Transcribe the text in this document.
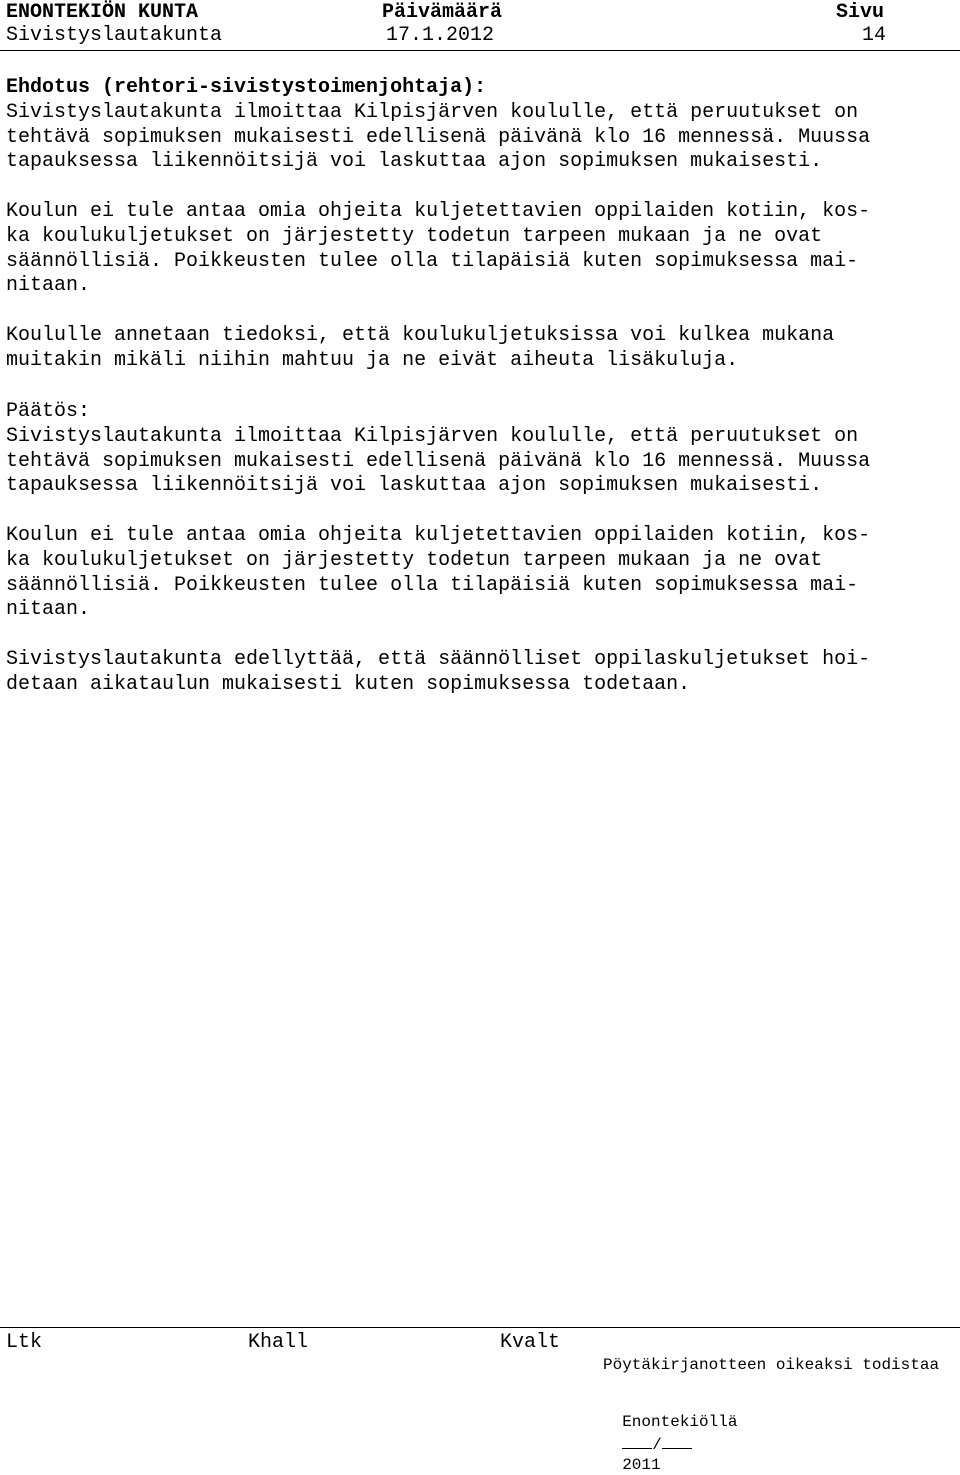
ENONTEKIÖN KUNTA	Päivämäärä	Sivu
Sivistyslautakunta	17.1.2012	14

Ehdotus (rehtori-sivistystoimenjohtaja):

Sivistyslautakunta ilmoittaa Kilpisjärven koululle, että peruutukset on

tehtävä sopimuksen mukaisesti edellisenä päivänä klo 16 mennessä. Muussa

tapauksessa liikennöitsijä voi laskuttaa ajon sopimuksen mukaisesti.

Koulun ei tule antaa omia ohjeita kuljetettavien oppilaiden kotiin, kos-

ka koulukuljetukset on järjestetty todetun tarpeen mukaan ja ne ovat

säännöllisiä. Poikkeusten tulee olla tilapäisiä kuten sopimuksessa mai-

nitaan.

Koululle annetaan tiedoksi, että koulukuljetuksissa voi kulkea mukana

muitakin mikäli niihin mahtuu ja ne eivät aiheuta lisäkuluja.

Päätös:

Sivistyslautakunta ilmoittaa Kilpisjärven koululle, että peruutukset on

tehtävä sopimuksen mukaisesti edellisenä päivänä klo 16 mennessä. Muussa

tapauksessa liikennöitsijä voi laskuttaa ajon sopimuksen mukaisesti.

Koulun ei tule antaa omia ohjeita kuljetettavien oppilaiden kotiin, kos-

ka koulukuljetukset on järjestetty todetun tarpeen mukaan ja ne ovat

säännöllisiä. Poikkeusten tulee olla tilapäisiä kuten sopimuksessa mai-

nitaan.

Sivistyslautakunta edellyttää, että säännölliset oppilaskuljetukset hoi-

detaan aikataulun mukaisesti kuten sopimuksessa todetaan.

Ltk	Khall	Kvalt
Pöytäkirjanotteen oikeaksi todistaa

Enontekiöllä
/
2011
